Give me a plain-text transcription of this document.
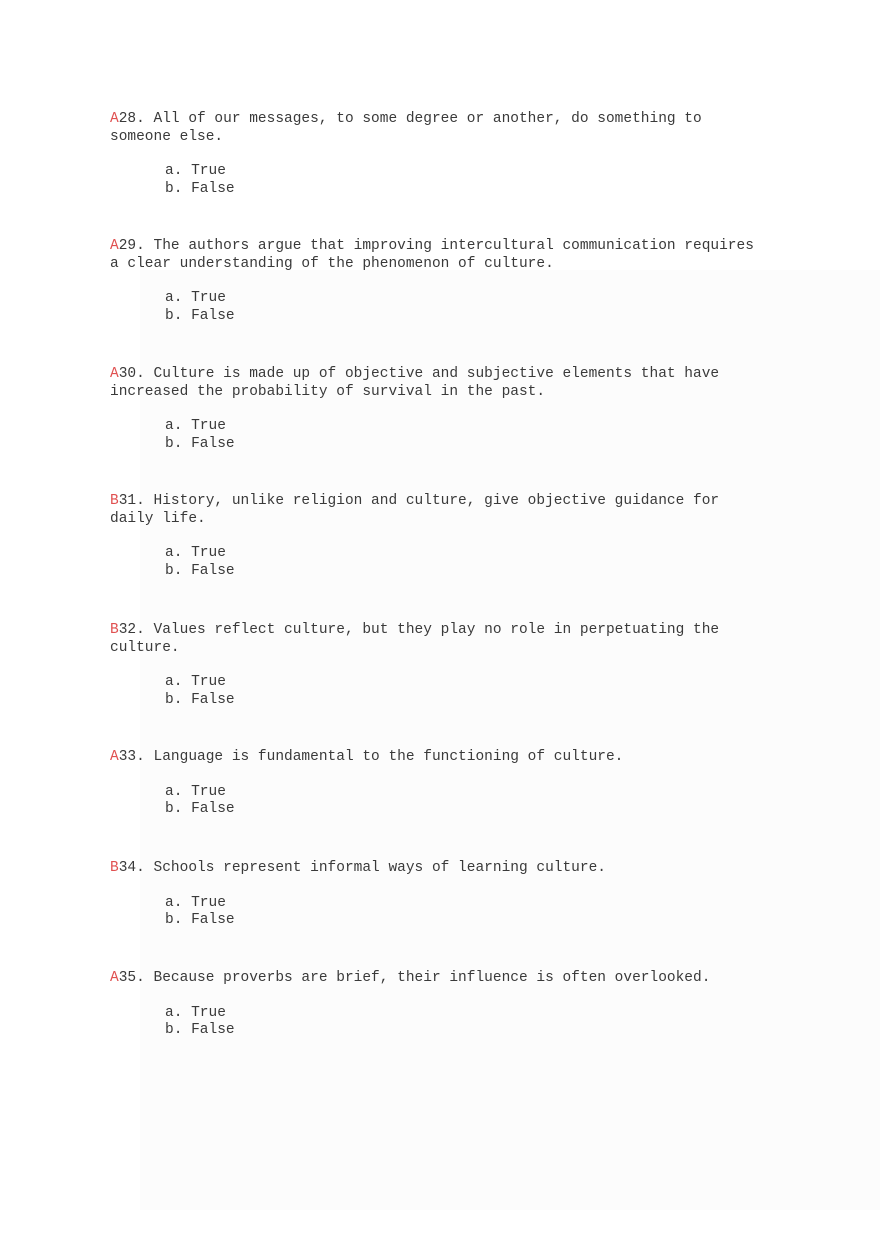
A28. All of our messages, to some degree or another, do something to someone else.

a. True
b. False

A29. The authors argue that improving intercultural communication requires a clear understanding of the phenomenon of culture.

a. True
b. False

A30. Culture is made up of objective and subjective elements that have increased the probability of survival in the past.

a. True
b. False

B31. History, unlike religion and culture, give objective guidance for daily life.

a. True
b. False

B32. Values reflect culture, but they play no role in perpetuating the culture.

a. True
b. False

A33. Language is fundamental to the functioning of culture.

a. True
b. False

B34. Schools represent informal ways of learning culture.

a. True
b. False

A35. Because proverbs are brief, their influence is often overlooked.

a. True
b. False
